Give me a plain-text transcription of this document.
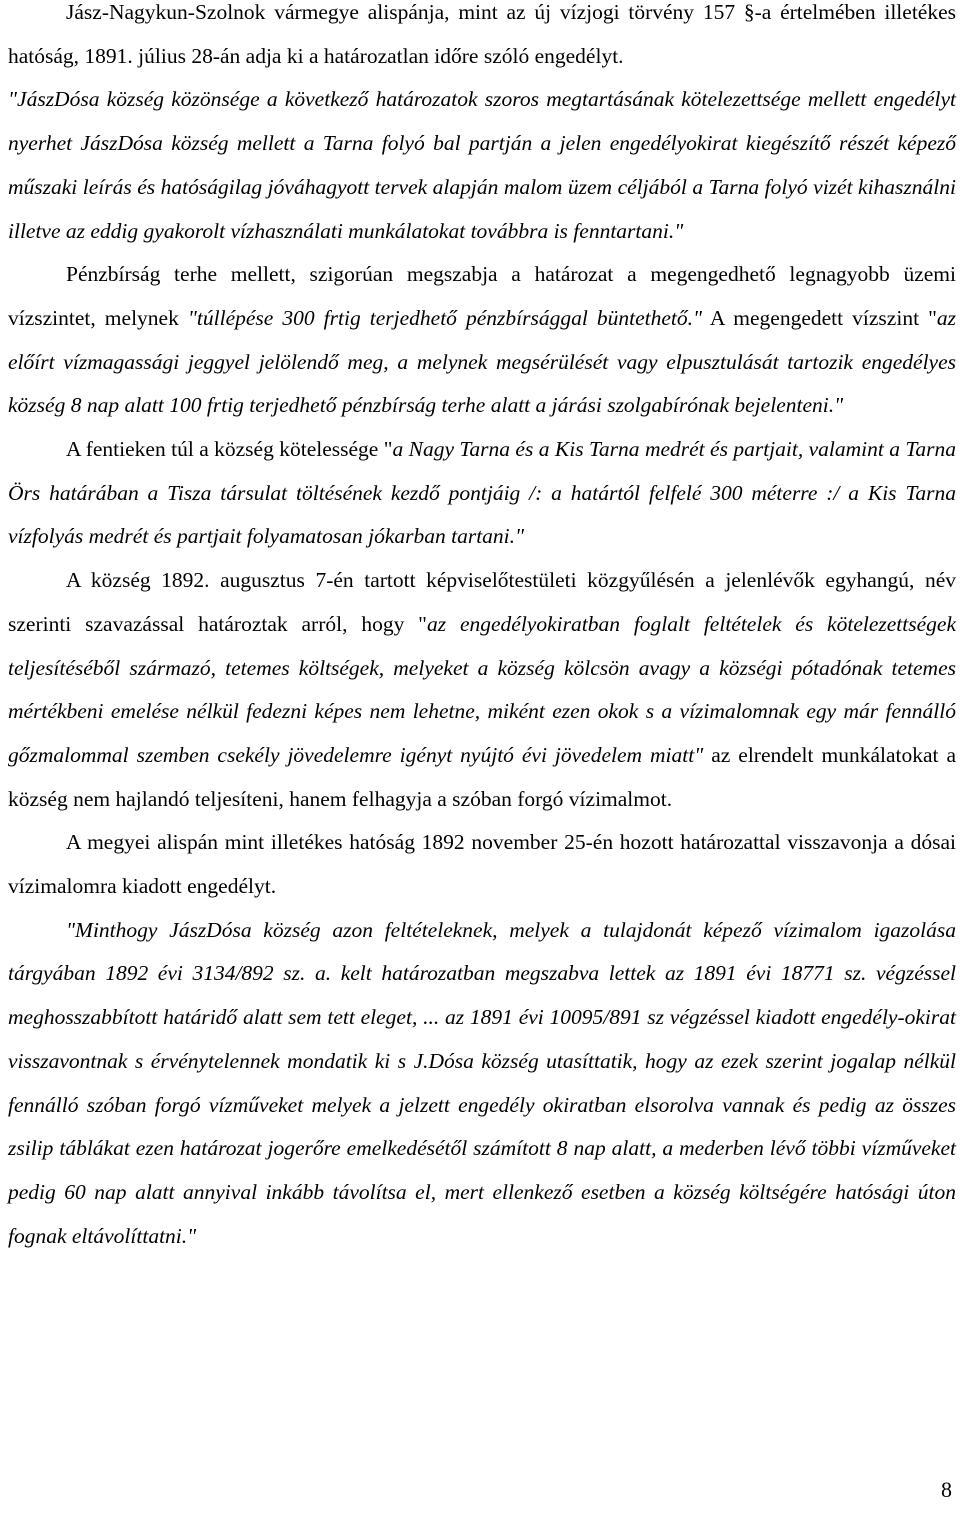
Jász-Nagykun-Szolnok vármegye alispánja, mint az új vízjogi törvény 157 §-a értelmében illetékes hatóság, 1891. július 28-án adja ki a határozatlan időre szóló engedélyt.

"JászDósa község közönsége a következő határozatok szoros megtartásának kötelezettsége mellett engedélyt nyerhet JászDósa község mellett a Tarna folyó bal partján a jelen engedélyokirat kiegészítő részét képező műszaki leírás és hatóságilag jóváhagyott tervek alapján malom üzem céljából a Tarna folyó vizét kihasználni illetve az eddig gyakorolt vízhasználati munkálatokat továbbra is fenntartani."

Pénzbírság terhe mellett, szigorúan megszabja a határozat a megengedhető legnagyobb üzemi vízszintet, melynek "túllépése 300 frtig terjedhető pénzbírsággal büntethető." A megengedett vízszint "az előírt vízmagassági jeggyel jelölendő meg, a melynek megsérülését vagy elpusztulását tartozik engedélyes község 8 nap alatt 100 frtig terjedhető pénzbírság terhe alatt a járási szolgabírónak bejelenteni."

A fentieken túl a község kötelessége "a Nagy Tarna és a Kis Tarna medrét és partjait, valamint a Tarna Örs határában a Tisza társulat töltésének kezdő pontjáig /: a határtól felfelé 300 méterre :/ a Kis Tarna vízfolyás medrét és partjait folyamatosan jókarban tartani."

A község 1892. augusztus 7-én tartott képviselőtestületi közgyűlésén a jelenlévők egyhangú, név szerinti szavazással határoztak arról, hogy "az engedélyokiratban foglalt feltételek és kötelezettségek teljesítéséből származó, tetemes költségek, melyeket a község kölcsön avagy a községi pótadónak tetemes mértékbeni emelése nélkül fedezni képes nem lehetne, miként ezen okok s a vízimalomnak egy már fennálló gőzmalommal szemben csekély jövedelemre igényt nyújtó évi jövedelem miatt" az elrendelt munkálatokat a község nem hajlandó teljesíteni, hanem felhagyja a szóban forgó vízimalmot.

A megyei alispán mint illetékes hatóság 1892 november 25-én hozott határozattal visszavonja a dósai vízimalomra kiadott engedélyt.

"Minthogy JászDósa község azon feltételeknek, melyek a tulajdonát képező vízimalom igazolása tárgyában 1892 évi 3134/892 sz. a. kelt határozatban megszabva lettek az 1891 évi 18771 sz. végzéssel meghosszabbított határidő alatt sem tett eleget, ... az 1891 évi 10095/891 sz végzéssel kiadott engedély-okirat visszavontnak s érvénytelennek mondatik ki s J.Dósa község utasíttatik, hogy az ezek szerint jogalap nélkül fennálló szóban forgó vízműveket melyek a jelzett engedély okiratban elsorolva vannak és pedig az összes zsilip táblákat ezen határozat jogerőre emelkedésétől számított 8 nap alatt, a mederben lévő többi vízműveket pedig 60 nap alatt annyival inkább távolítsa el, mert ellenkező esetben a község költségére hatósági úton fognak eltávolíttatni."

8
